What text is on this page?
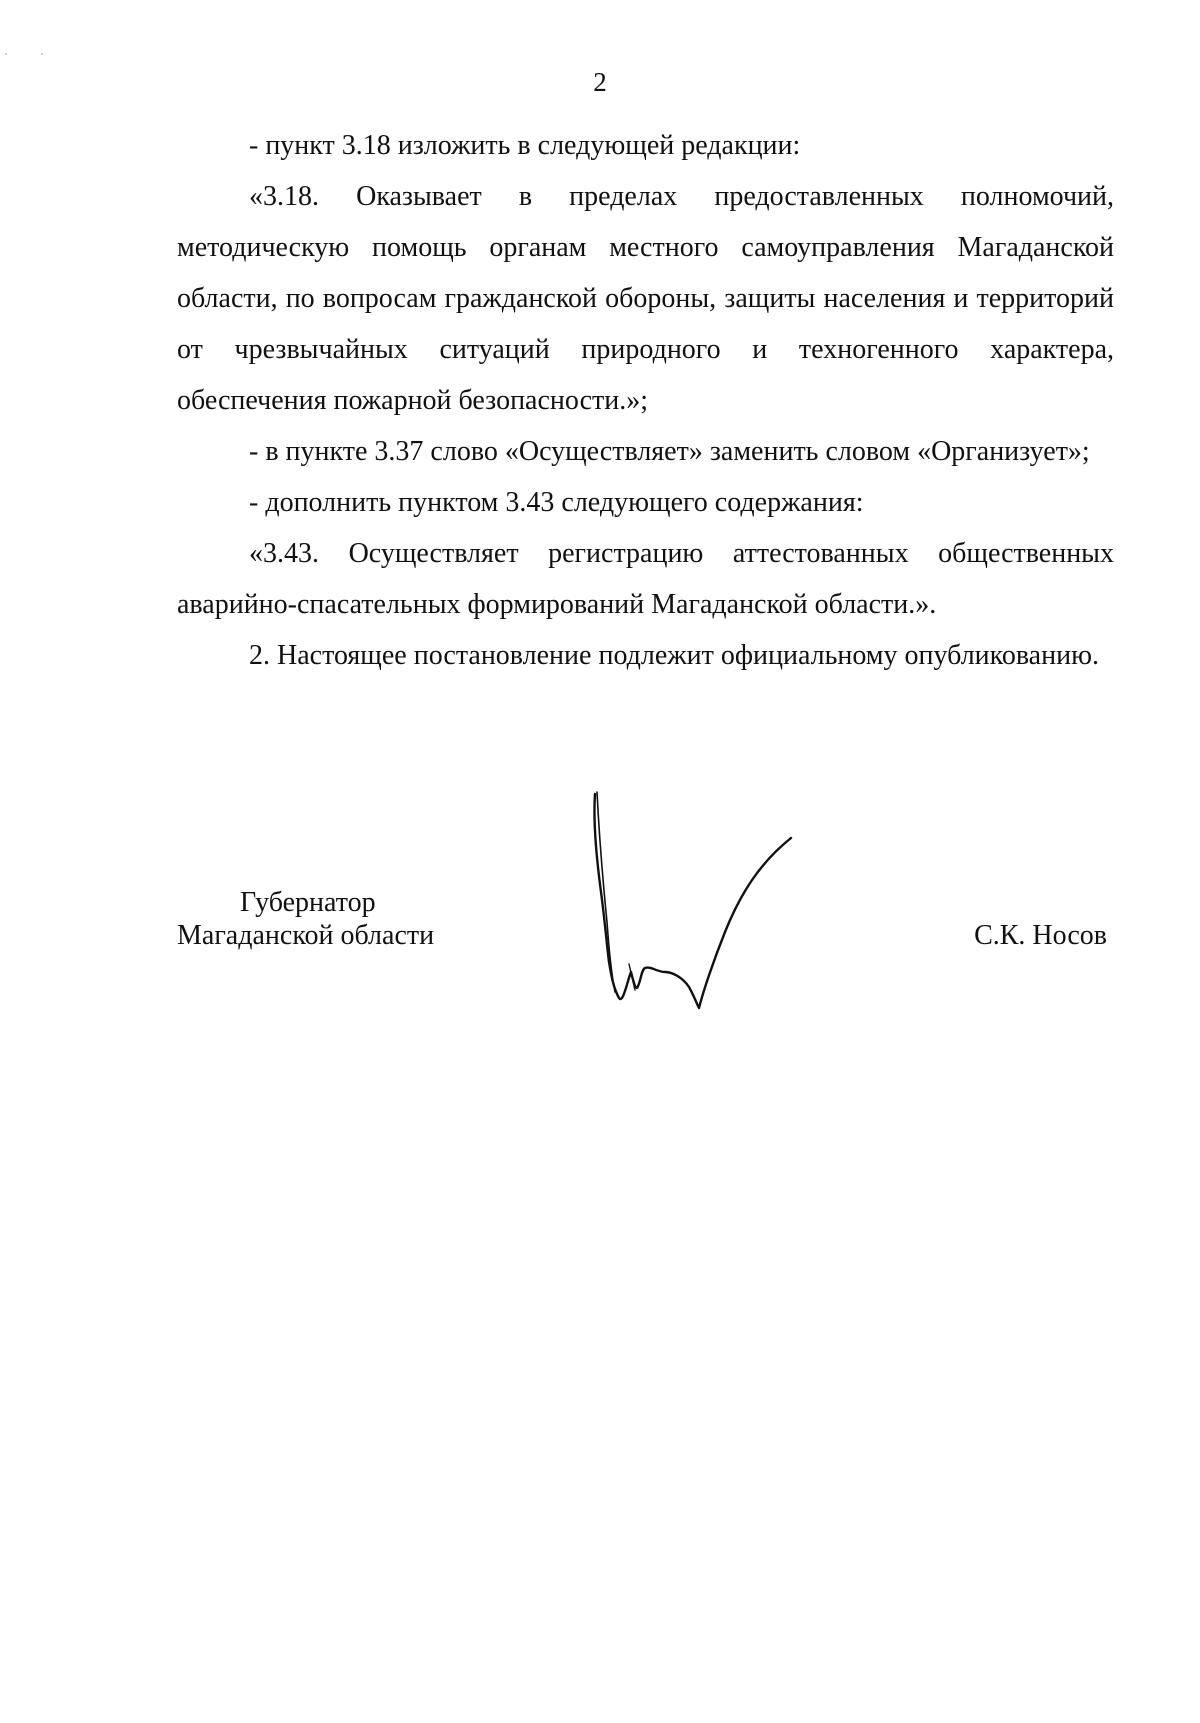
˙	˙
2

- пункт 3.18 изложить в следующей редакции:

«3.18. Оказывает в пределах предоставленных полномочий, методическую помощь органам местного самоуправления Магаданской области, по вопросам гражданской обороны, защиты населения и территорий от чрезвычайных ситуаций природного и техногенного характера, обеспечения пожарной безопасности.»;

- в пункте 3.37 слово «Осуществляет» заменить словом «Организует»;

- дополнить пунктом 3.43 следующего содержания:

«3.43. Осуществляет регистрацию аттестованных общественных аварийно-спасательных формирований Магаданской области.».

2. Настоящее постановление подлежит официальному опубликованию.

Губернатор
Магаданской области	С.К. Носов
